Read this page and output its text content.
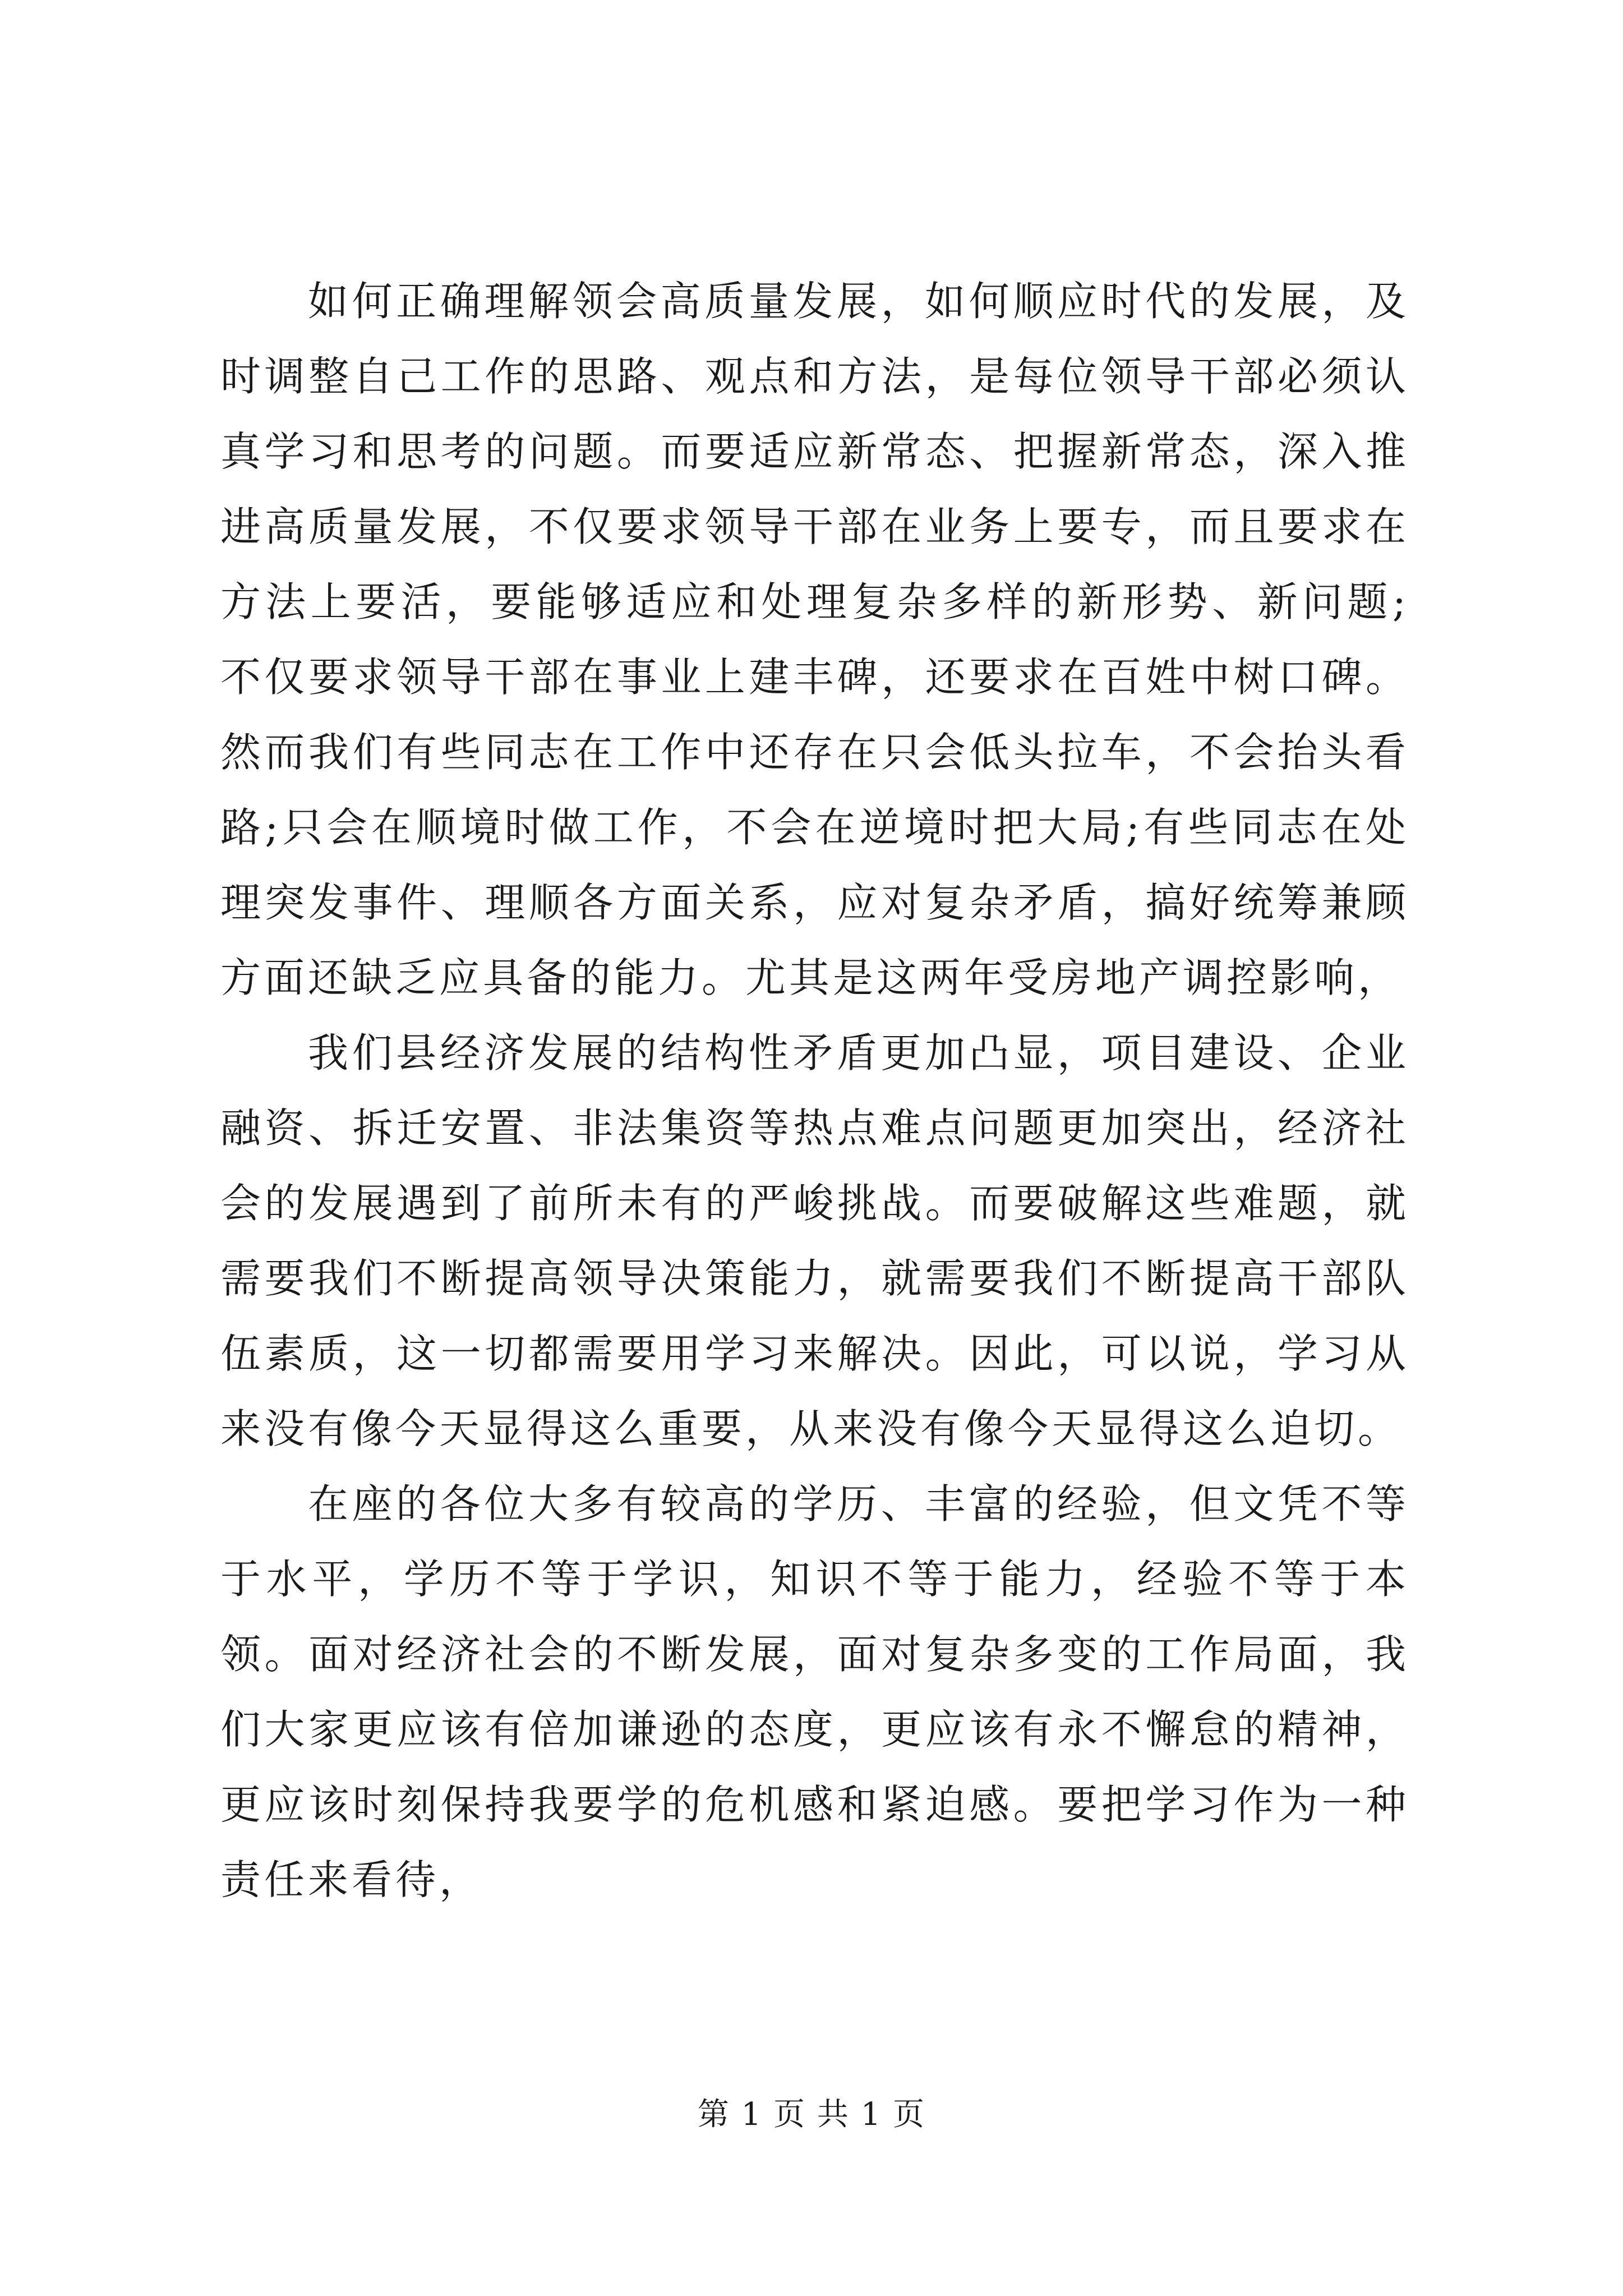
如何正确理解领会高质量发展，如何顺应时代的发展，及时调整自己工作的思路、观点和方法，是每位领导干部必须认真学习和思考的问题。而要适应新常态、把握新常态，深入推进高质量发展，不仅要求领导干部在业务上要专，而且要求在方法上要活，要能够适应和处理复杂多样的新形势、新问题;不仅要求领导干部在事业上建丰碑，还要求在百姓中树口碑。然而我们有些同志在工作中还存在只会低头拉车，不会抬头看路;只会在顺境时做工作，不会在逆境时把大局;有些同志在处理突发事件、理顺各方面关系，应对复杂矛盾，搞好统筹兼顾方面还缺乏应具备的能力。尤其是这两年受房地产调控影响，

我们县经济发展的结构性矛盾更加凸显，项目建设、企业融资、拆迁安置、非法集资等热点难点问题更加突出，经济社会的发展遇到了前所未有的严峻挑战。而要破解这些难题，就需要我们不断提高领导决策能力，就需要我们不断提高干部队伍素质，这一切都需要用学习来解决。因此，可以说，学习从来没有像今天显得这么重要，从来没有像今天显得这么迫切。

在座的各位大多有较高的学历、丰富的经验，但文凭不等于水平，学历不等于学识，知识不等于能力，经验不等于本领。面对经济社会的不断发展，面对复杂多变的工作局面，我们大家更应该有倍加谦逊的态度，更应该有永不懈怠的精神，更应该时刻保持我要学的危机感和紧迫感。要把学习作为一种责任来看待，

第 1 页 共 1 页
